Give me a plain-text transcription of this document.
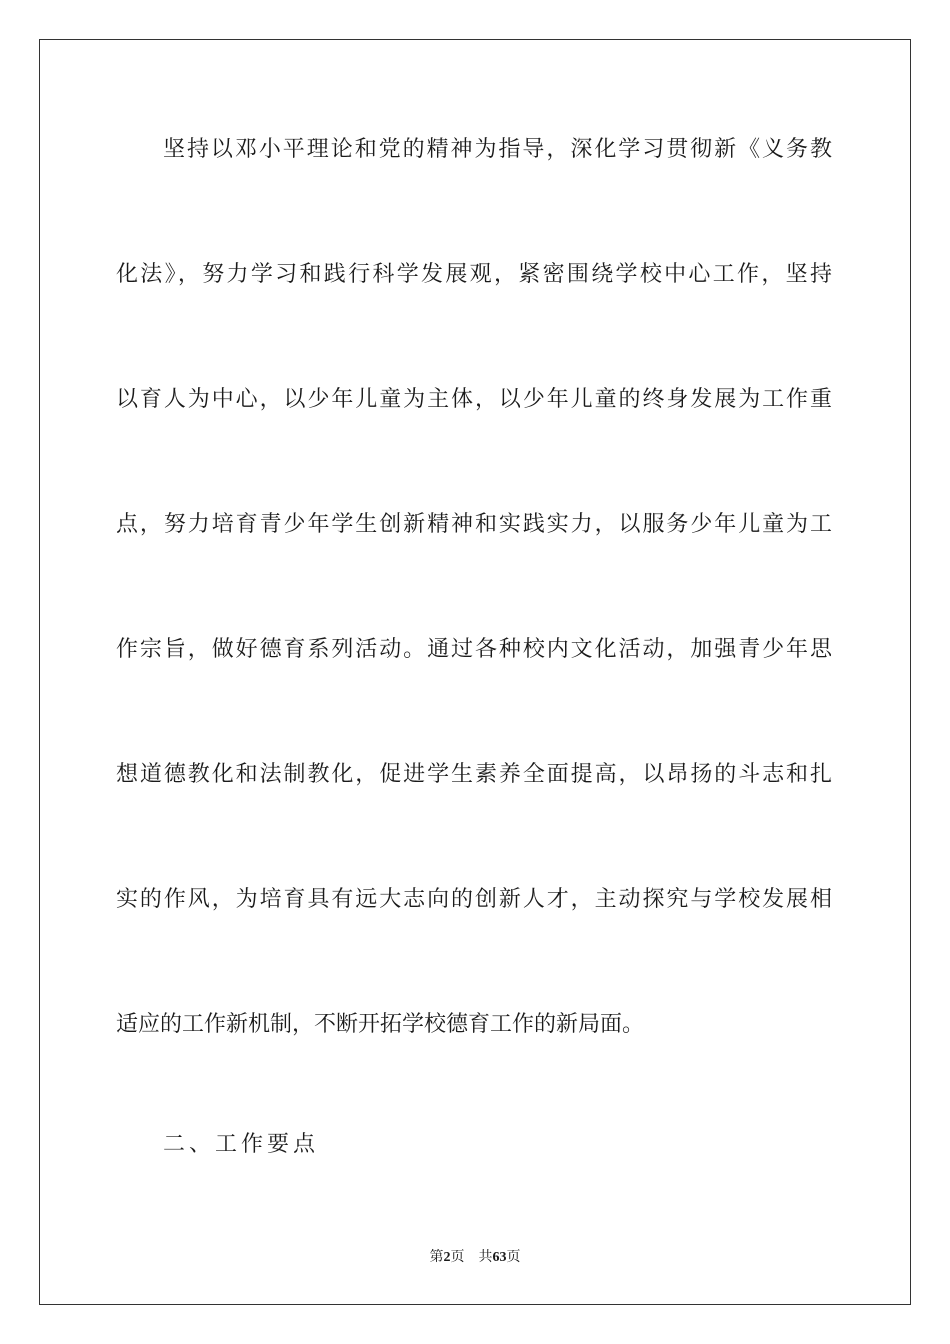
坚持以邓小平理论和党的精神为指导，深化学习贯彻新《义务教
化法》，努力学习和践行科学发展观，紧密围绕学校中心工作，坚持
以育人为中心，以少年儿童为主体，以少年儿童的终身发展为工作重
点，努力培育青少年学生创新精神和实践实力，以服务少年儿童为工
作宗旨，做好德育系列活动。通过各种校内文化活动，加强青少年思
想道德教化和法制教化，促进学生素养全面提高，以昂扬的斗志和扎
实的作风，为培育具有远大志向的创新人才，主动探究与学校发展相
适应的工作新机制，不断开拓学校德育工作的新局面。
二、工作要点
第2页 共63页
